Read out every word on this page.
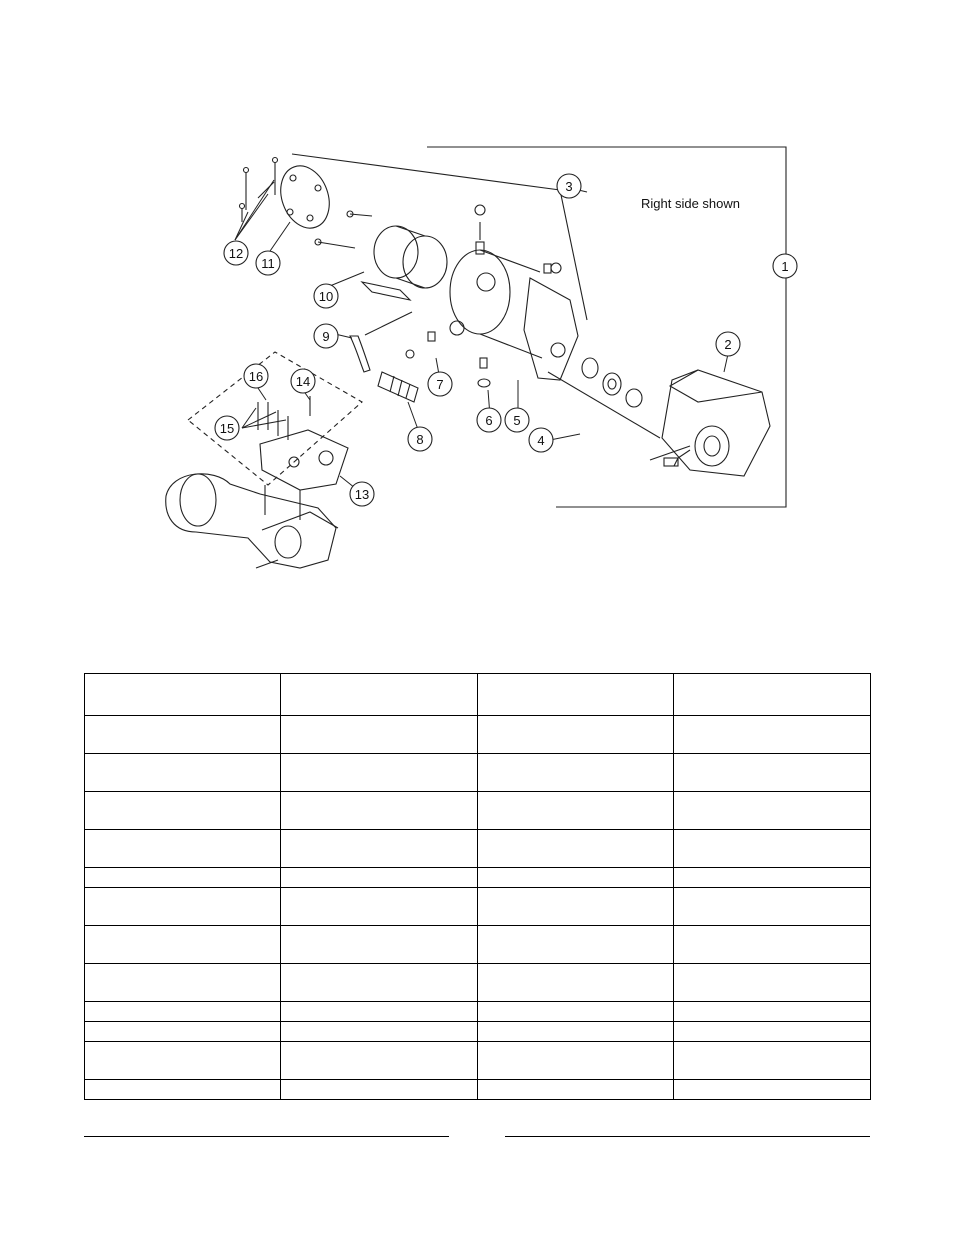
1
2
3
4
5
6
7
8
9
10
11
12
13
14
15
16
Right side shown
